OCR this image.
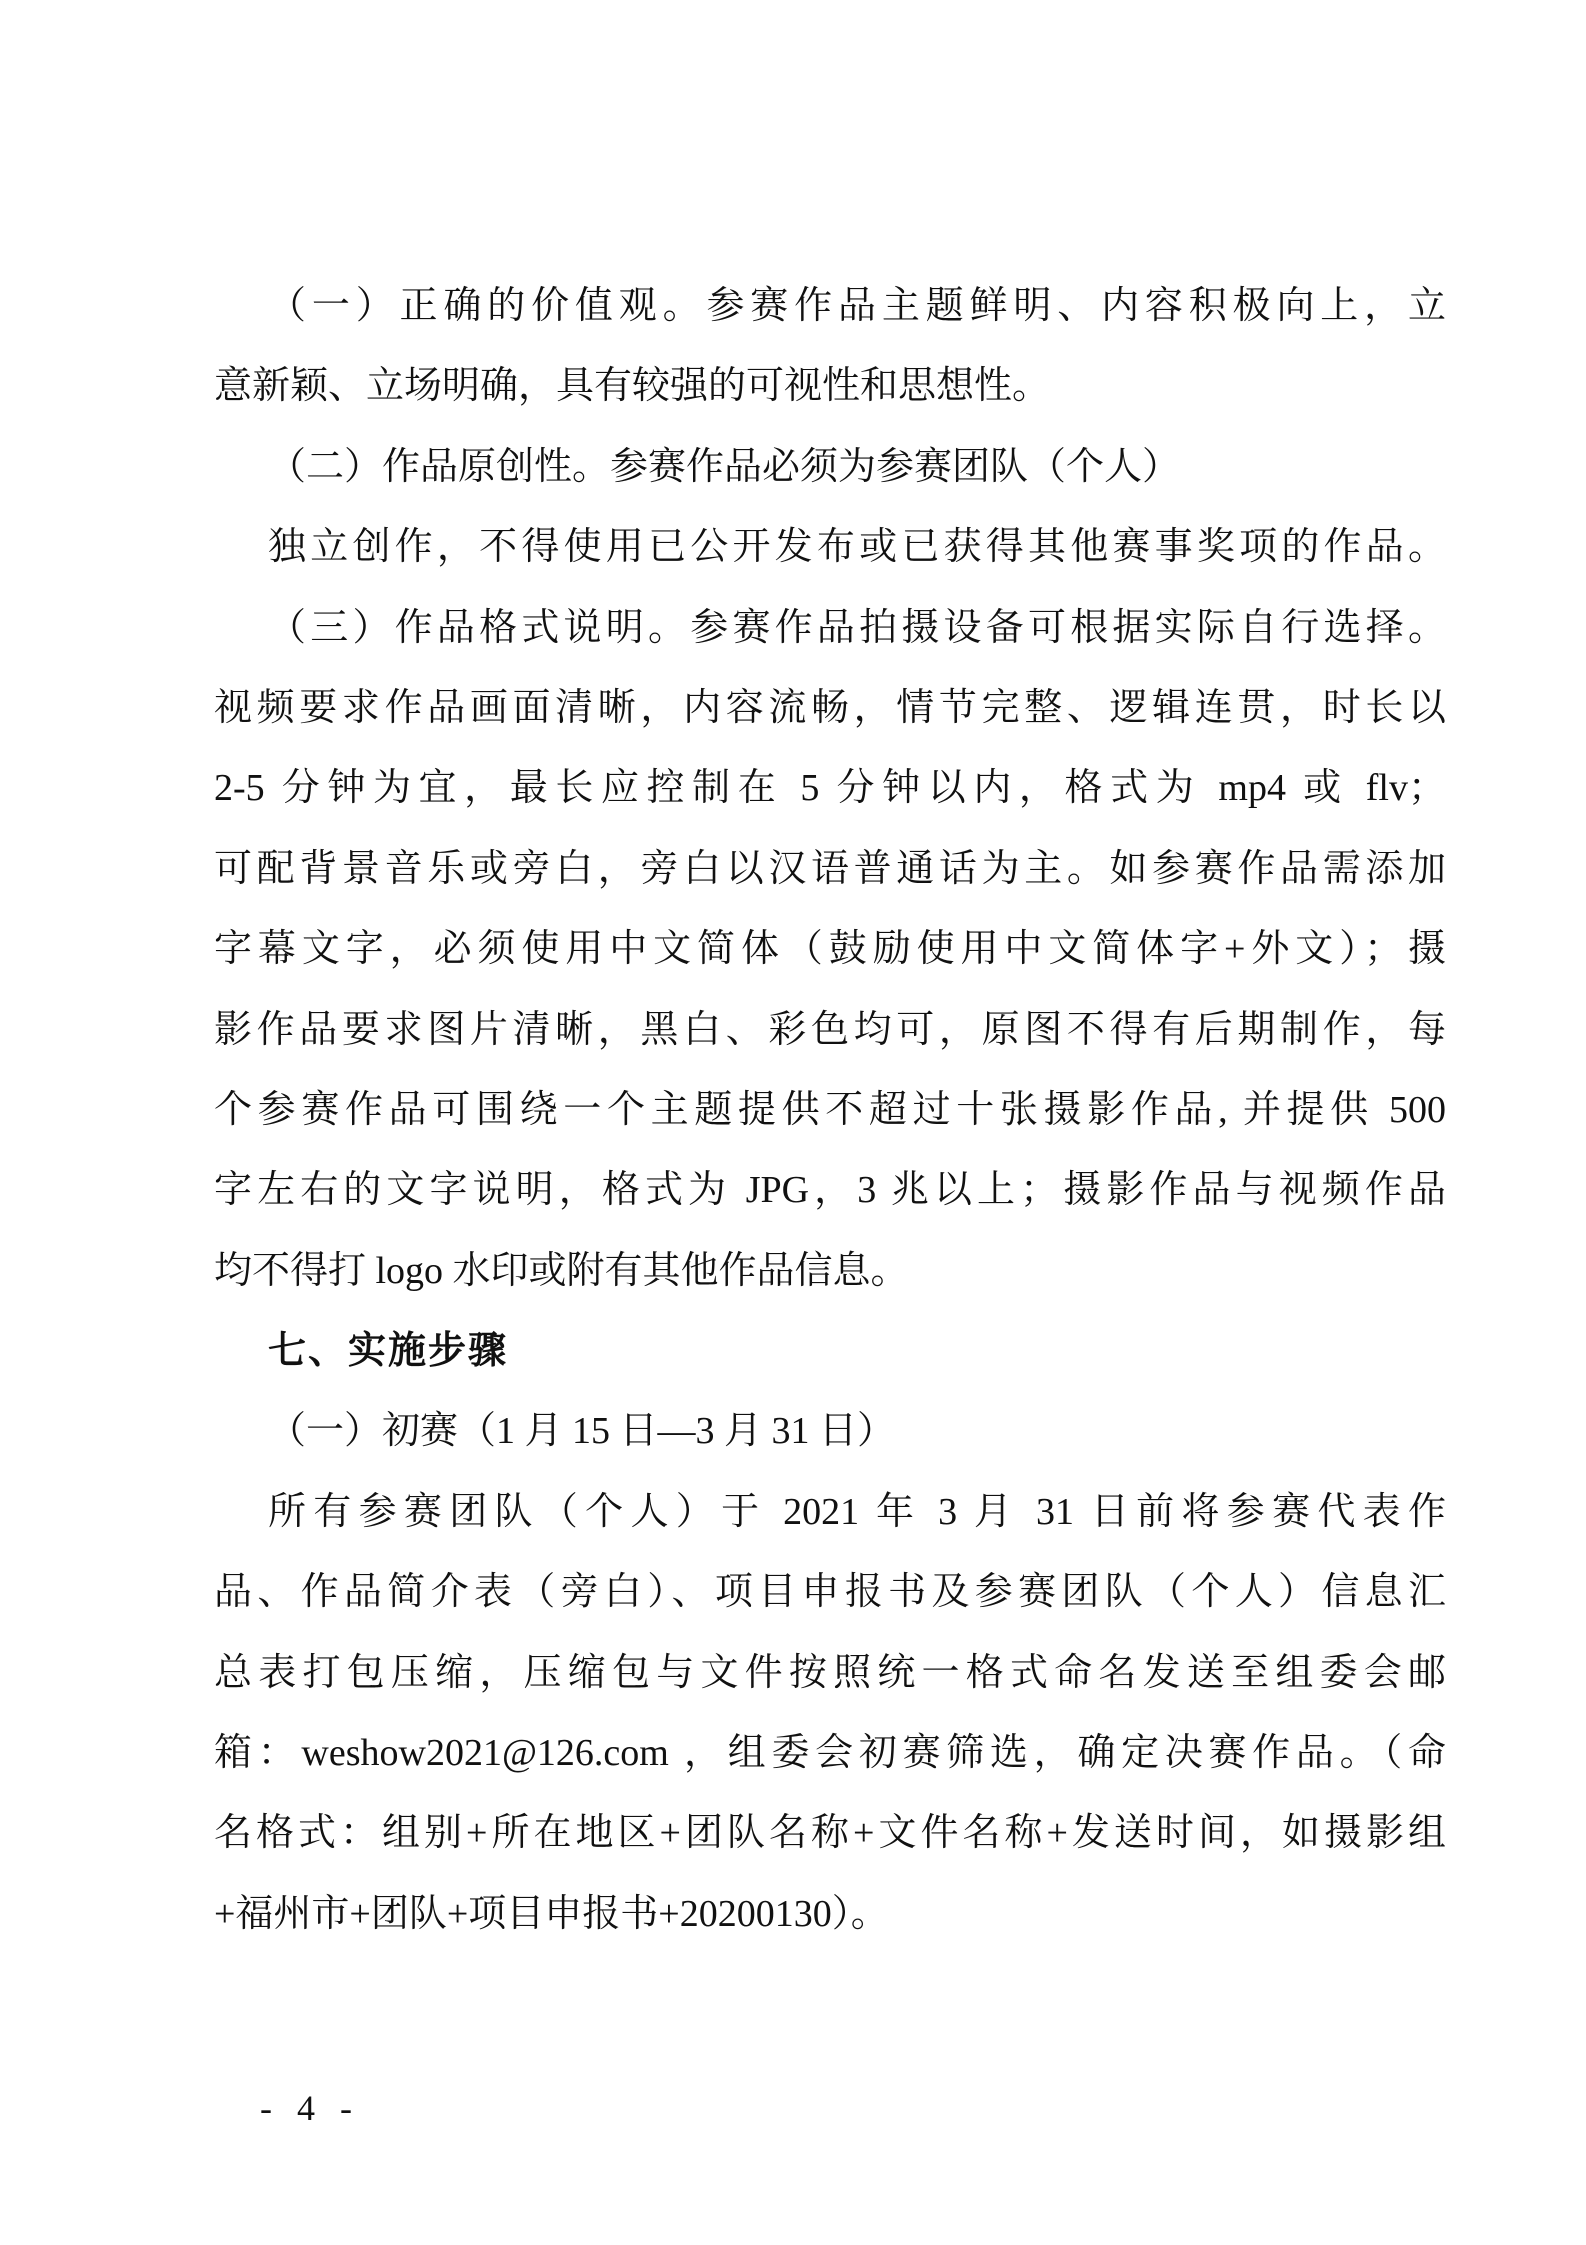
（一）正确的价值观。参赛作品主题鲜明、内容积极向上，立
意新颖、立场明确，具有较强的可视性和思想性。
（二）作品原创性。参赛作品必须为参赛团队（个人）
独立创作，不得使用已公开发布或已获得其他赛事奖项的作品。
（三）作品格式说明。参赛作品拍摄设备可根据实际自行选择。
视频要求作品画面清晰，内容流畅，情节完整、逻辑连贯，时长以
2-5 分钟为宜，最长应控制在 5 分钟以内，格式为 mp4 或 flv；
可配背景音乐或旁白，旁白以汉语普通话为主。如参赛作品需添加
字幕文字，必须使用中文简体（鼓励使用中文简体字+外文）；摄
影作品要求图片清晰，黑白、彩色均可，原图不得有后期制作，每
个参赛作品可围绕一个主题提供不超过十张摄影作品, 并提供 500
字左右的文字说明，格式为 JPG，3 兆以上；摄影作品与视频作品
均不得打 logo 水印或附有其他作品信息。
七、实施步骤
（一）初赛（1 月 15 日—3 月 31 日）
所有参赛团队（个人）于 2021 年 3 月 31 日前将参赛代表作
品、作品简介表（旁白）、项目申报书及参赛团队（个人）信息汇
总表打包压缩，压缩包与文件按照统一格式命名发送至组委会邮
箱：weshow2021@126.com ，组委会初赛筛选，确定决赛作品。（命
名格式：组别+所在地区+团队名称+文件名称+发送时间，如摄影组
+福州市+团队+项目申报书+20200130）。
- 4 -
